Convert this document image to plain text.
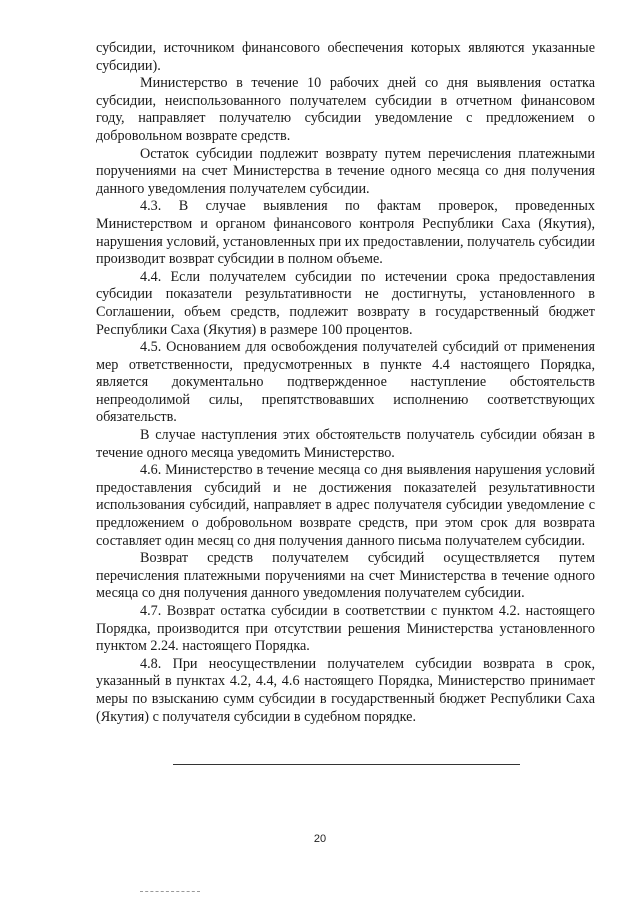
субсидии, источником финансового обеспечения которых являются указанные субсидии).

Министерство в течение 10 рабочих дней со дня выявления остатка субсидии, неиспользованного получателем субсидии в отчетном финансовом году, направляет получателю субсидии уведомление с предложением о добровольном возврате средств.

Остаток субсидии подлежит возврату путем перечисления платежными поручениями на счет Министерства в течение одного месяца со дня получения данного уведомления получателем субсидии.

4.3. В случае выявления по фактам проверок, проведенных Министерством и органом финансового контроля Республики Саха (Якутия), нарушения условий, установленных при их предоставлении, получатель субсидии производит возврат субсидии в полном объеме.

4.4. Если получателем субсидии по истечении срока предоставления субсидии показатели результативности не достигнуты, установленного в Соглашении, объем средств, подлежит возврату в государственный бюджет Республики Саха (Якутия) в размере 100 процентов.

4.5. Основанием для освобождения получателей субсидий от применения мер ответственности, предусмотренных в пункте 4.4 настоящего Порядка, является документально подтвержденное наступление обстоятельств непреодолимой силы, препятствовавших исполнению соответствующих обязательств.

В случае наступления этих обстоятельств получатель субсидии обязан в течение одного месяца уведомить Министерство.

4.6. Министерство в течение месяца со дня выявления нарушения условий предоставления субсидий и не достижения показателей результативности использования субсидий, направляет в адрес получателя субсидии уведомление с предложением о добровольном возврате средств, при этом срок для возврата составляет один месяц со дня получения данного письма получателем субсидии.

Возврат средств получателем субсидий осуществляется путем перечисления платежными поручениями на счет Министерства в течение одного месяца со дня получения данного уведомления получателем субсидии.

4.7. Возврат остатка субсидии в соответствии с пунктом 4.2. настоящего Порядка, производится при отсутствии решения Министерства установленного пунктом 2.24. настоящего Порядка.

4.8. При неосуществлении получателем субсидии возврата в срок, указанный в пунктах 4.2, 4.4, 4.6 настоящего Порядка, Министерство принимает меры по взысканию сумм субсидии в государственный бюджет Республики Саха (Якутия) с получателя субсидии в судебном порядке.

20
